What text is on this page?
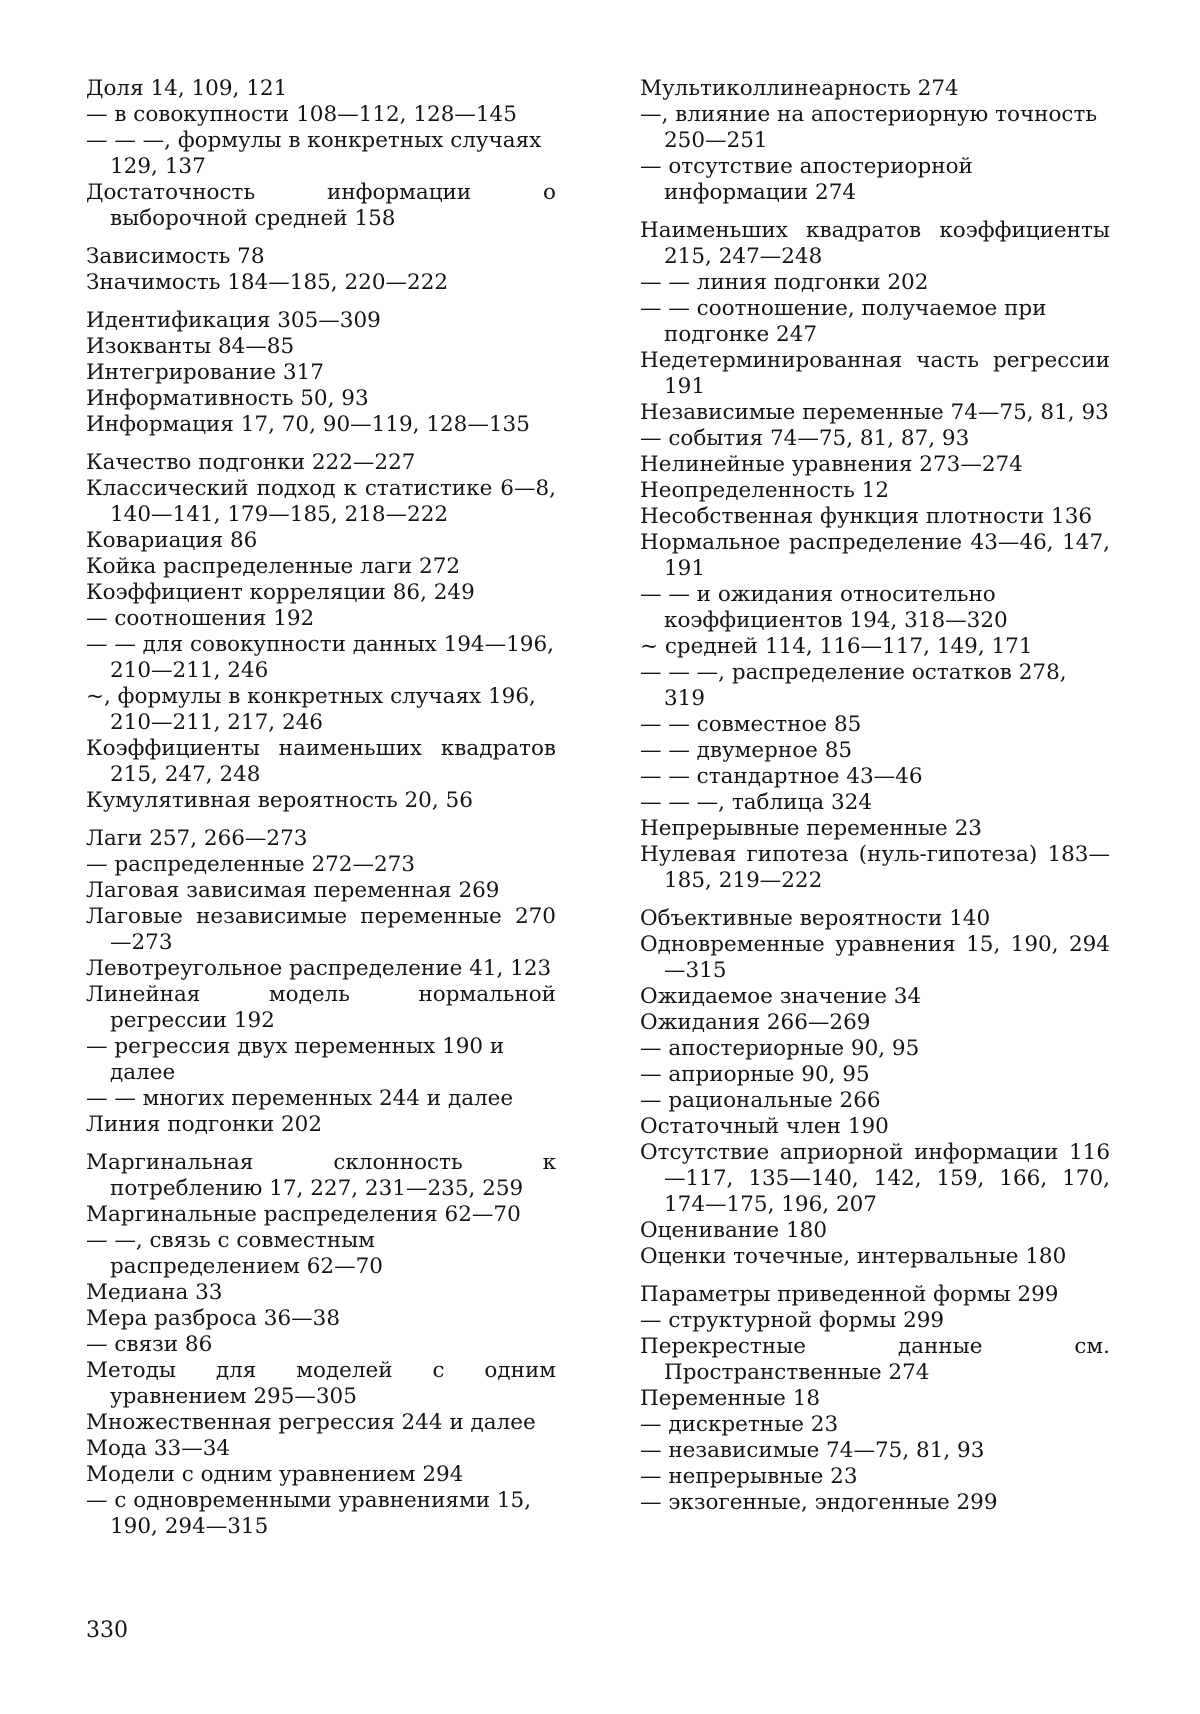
Доля 14, 109, 121
— в совокупности 108—112, 128—145
— — —, формулы в конкретных случаях 129, 137
Достаточность информации о выборочной средней 158
Зависимость 78
Значимость 184—185, 220—222
Идентификация 305—309
Изокванты 84—85
Интегрирование 317
Информативность 50, 93
Информация 17, 70, 90—119, 128—135
Качество подгонки 222—227
Классический подход к статистике 6—8, 140—141, 179—185, 218—222
Ковариация 86
Койка распределенные лаги 272
Коэффициент корреляции 86, 249
— соотношения 192
— — для совокупности данных 194—196, 210—211, 246
~, формулы в конкретных случаях 196, 210—211, 217, 246
Коэффициенты наименьших квадратов 215, 247, 248
Кумулятивная вероятность 20, 56
Лаги 257, 266—273
— распределенные 272—273
Лаговая зависимая переменная 269
Лаговые независимые переменные 270—273
Левотреугольное распределение 41, 123
Линейная модель нормальной регрессии 192
— регрессия двух переменных 190 и далее
— — многих переменных 244 и далее
Линия подгонки 202
Маргинальная склонность к потреблению 17, 227, 231—235, 259
Маргинальные распределения 62—70
— —, связь с совместным распределением 62—70
Медиана 33
Мера разброса 36—38
— связи 86
Методы для моделей с одним уравнением 295—305
Множественная регрессия 244 и далее
Мода 33—34
Модели с одним уравнением 294
— с одновременными уравнениями 15, 190, 294—315
Мультиколлинеарность 274
—, влияние на апостериорную точность 250—251
— отсутствие апостериорной информации 274
Наименьших квадратов коэффициенты 215, 247—248
— — линия подгонки 202
— — соотношение, получаемое при подгонке 247
Недетерминированная часть регрессии 191
Независимые переменные 74—75, 81, 93
— события 74—75, 81, 87, 93
Нелинейные уравнения 273—274
Неопределенность 12
Несобственная функция плотности 136
Нормальное распределение 43—46, 147, 191
— — и ожидания относительно коэффициентов 194, 318—320
~ средней 114, 116—117, 149, 171
— — —, распределение остатков 278, 319
— — совместное 85
— — двумерное 85
— — стандартное 43—46
— — —, таблица 324
Непрерывные переменные 23
Нулевая гипотеза (нуль-гипотеза) 183—185, 219—222
Объективные вероятности 140
Одновременные уравнения 15, 190, 294—315
Ожидаемое значение 34
Ожидания 266—269
— апостериорные 90, 95
— априорные 90, 95
— рациональные 266
Остаточный член 190
Отсутствие априорной информации 116—117, 135—140, 142, 159, 166, 170, 174—175, 196, 207
Оценивание 180
Оценки точечные, интервальные 180
Параметры приведенной формы 299
— структурной формы 299
Перекрестные данные см. Пространственные 274
Переменные 18
— дискретные 23
— независимые 74—75, 81, 93
— непрерывные 23
— экзогенные, эндогенные 299
330
